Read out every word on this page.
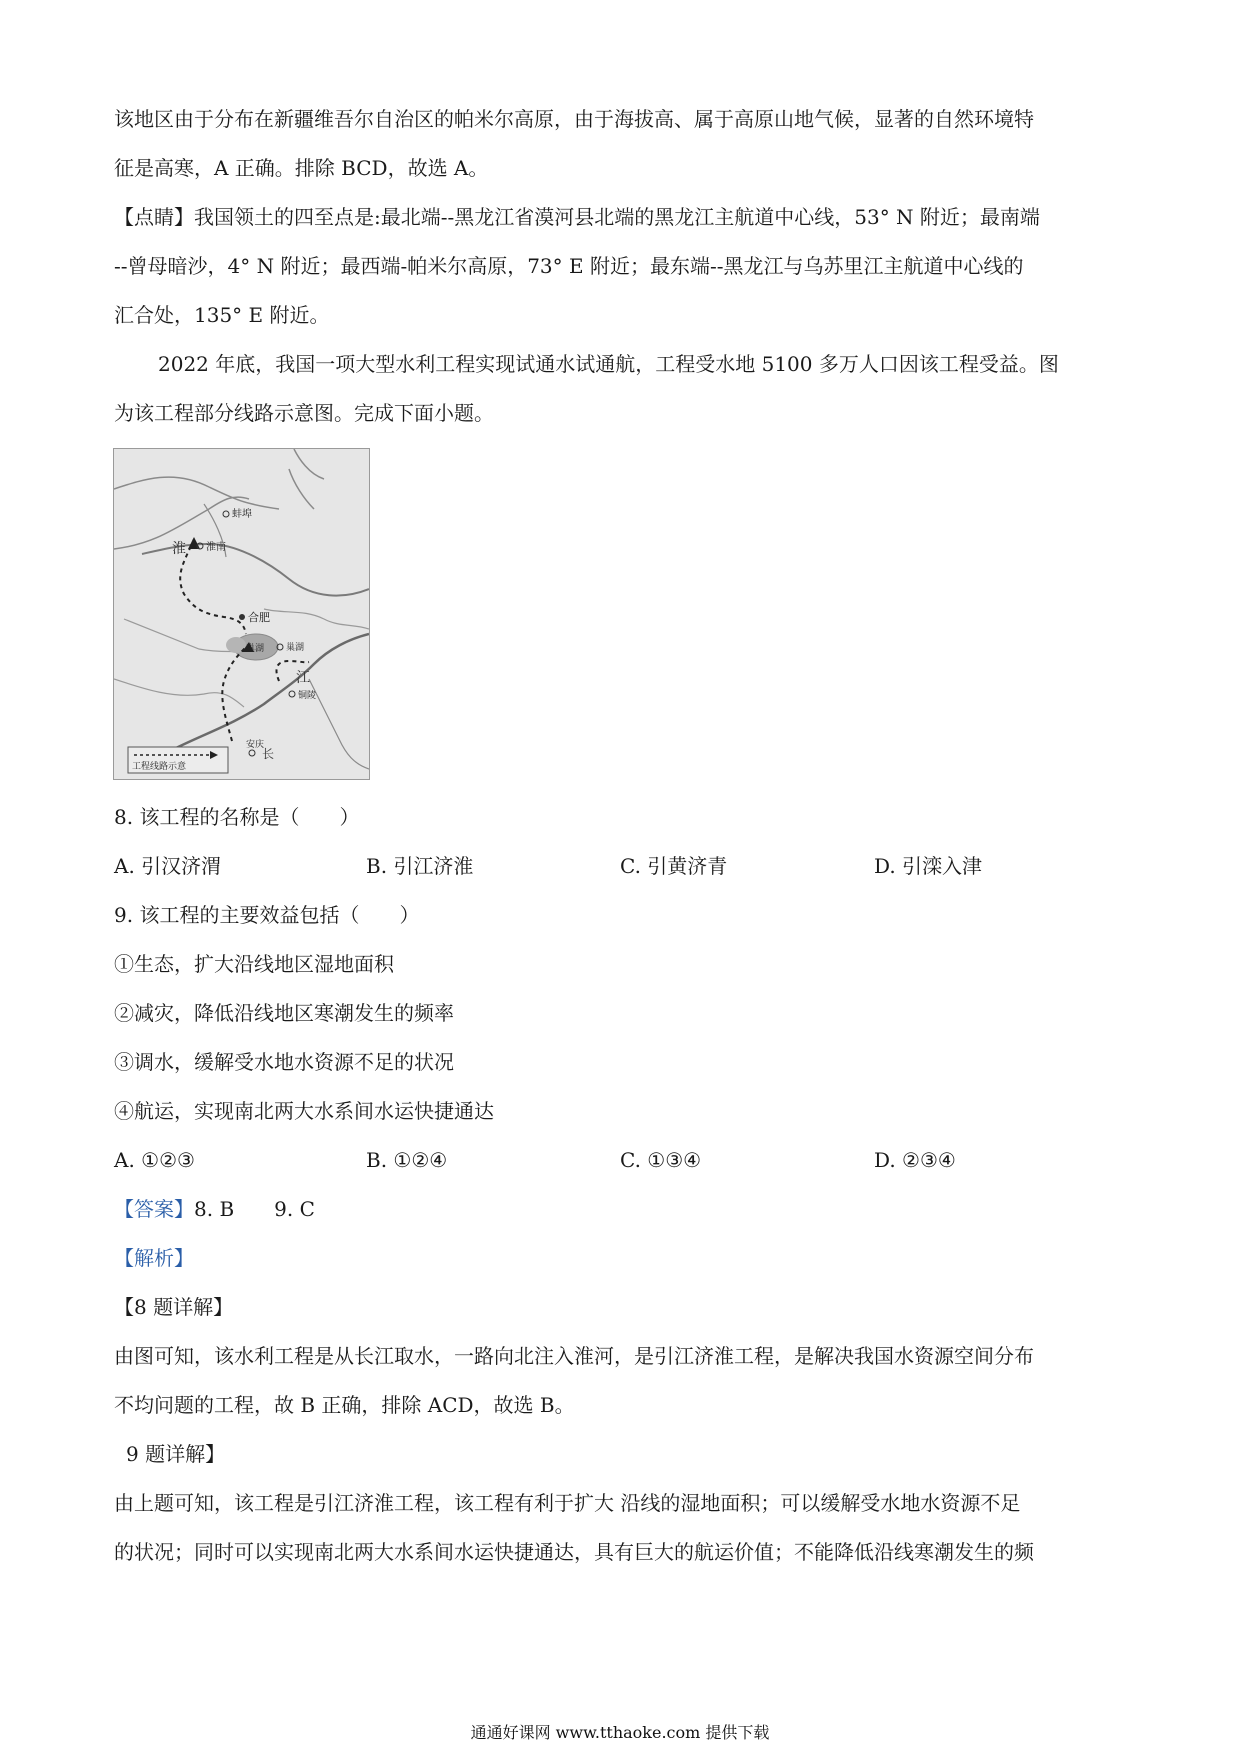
该地区由于分布在新疆维吾尔自治区的帕米尔高原，由于海拔高、属于高原山地气候，显著的自然环境特
征是高寒，A 正确。排除 BCD，故选 A。
【点睛】我国领土的四至点是:最北端--黑龙江省漠河县北端的黑龙江主航道中心线，53° N 附近；最南端
--曾母暗沙，4° N 附近；最西端-帕米尔高原，73° E 附近；最东端--黑龙江与乌苏里江主航道中心线的
汇合处，135° E 附近。
2022 年底，我国一项大型水利工程实现试通水试通航，工程受水地 5100 多万人口因该工程受益。图
为该工程部分线路示意图。完成下面小题。
蚌埠
淮南
淮
合肥
巢湖 巢湖
江
铜陵
安庆
长
工程线路示意
8. 该工程的名称是（　　）
A. 引汉济渭	B. 引江济淮	C. 引黄济青	D. 引滦入津
9. 该工程的主要效益包括（　　）
①生态，扩大沿线地区湿地面积
②减灾，降低沿线地区寒潮发生的频率
③调水，缓解受水地水资源不足的状况
④航运，实现南北两大水系间水运快捷通达
A. ①②③	B. ①②④	C. ①③④	D. ②③④
【答案】8. B　　9. C
【解析】
【8 题详解】
由图可知，该水利工程是从长江取水，一路向北注入淮河，是引江济淮工程，是解决我国水资源空间分布
不均问题的工程，故 B 正确，排除 ACD，故选 B。
9 题详解】
由上题可知，该工程是引江济淮工程，该工程有利于扩大 沿线的湿地面积；可以缓解受水地水资源不足
的状况；同时可以实现南北两大水系间水运快捷通达，具有巨大的航运价值；不能降低沿线寒潮发生的频
通通好课网 www.tthaoke.com 提供下载
